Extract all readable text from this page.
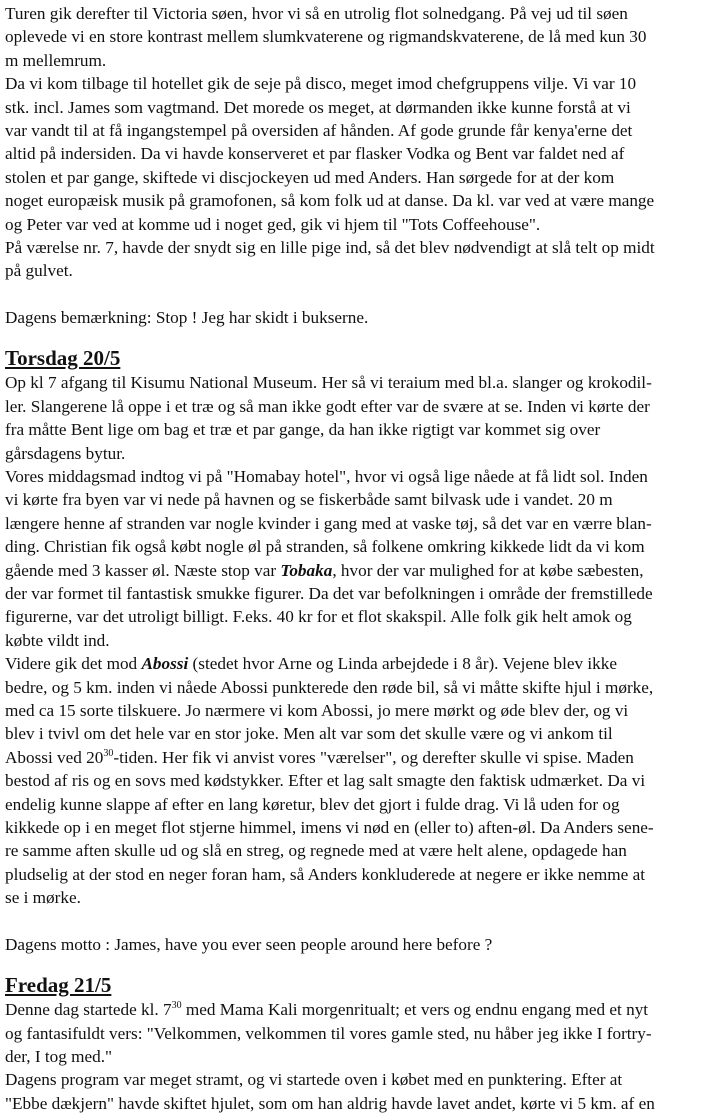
Turen gik derefter til Victoria søen, hvor vi så en utrolig flot solnedgang. På vej ud til søen
oplevede vi en store kontrast mellem slumkvaterene og rigmandskvaterene, de lå med kun 30
m mellemrum.
Da vi kom tilbage til hotellet gik de seje på disco, meget imod chefgruppens vilje. Vi var 10
stk. incl. James som vagtmand. Det morede os meget, at dørmanden ikke kunne forstå at vi
var vandt til at få ingangstempel på oversiden af hånden. Af gode grunde får kenya'erne det
altid på indersiden. Da vi havde konserveret et par flasker Vodka og Bent var faldet ned af
stolen et par gange, skiftede vi discjockeyen ud med Anders. Han sørgede for at der kom
noget europæisk musik på gramofonen, så kom folk ud at danse. Da kl. var ved at være mange
og Peter var ved at komme ud i noget ged, gik vi hjem til "Tots Coffeehouse".
På værelse nr. 7, havde der snydt sig en lille pige ind, så det blev nødvendigt at slå telt op midt
på gulvet.
Dagens bemærkning: Stop ! Jeg har skidt i bukserne.
Torsdag 20/5
Op kl 7 afgang til Kisumu National Museum. Her så vi teraium med bl.a. slanger og krokodil-
ler. Slangerene lå oppe i et træ og så man ikke godt efter var de svære at se. Inden vi kørte der
fra måtte Bent lige om bag et træ et par gange, da han ikke rigtigt var kommet sig over
gårsdagens bytur.
Vores middagsmad indtog vi på "Homabay hotel", hvor vi også lige nåede at få lidt sol. Inden
vi kørte fra byen var vi nede på havnen og se fiskerbåde samt bilvask ude i vandet. 20 m
længere henne af stranden var nogle kvinder i gang med at vaske tøj, så det var en værre blan-
ding. Christian fik også købt nogle øl på stranden, så folkene omkring kikkede lidt da vi kom
gående med 3 kasser øl. Næste stop var Tobaka, hvor der var mulighed for at købe sæbesten,
der var formet til fantastisk smukke figurer. Da det var befolkningen i område der fremstillede
figurerne, var det utroligt billigt. F.eks. 40 kr for et flot skakspil. Alle folk gik helt amok og
købte vildt ind.
Videre gik det mod Abossi (stedet hvor Arne og Linda arbejdede i 8 år). Vejene blev ikke
bedre, og 5 km. inden vi nåede Abossi punkterede den røde bil, så vi måtte skifte hjul i mørke,
med ca 15 sorte tilskuere. Jo nærmere vi kom Abossi, jo mere mørkt og øde blev der, og vi
blev i tvivl om det hele var en stor joke. Men alt var som det skulle være og vi ankom til
Abossi ved $20^{30}$-tiden. Her fik vi anvist vores "værelser", og derefter skulle vi spise. Maden
bestod af ris og en sovs med kødstykker. Efter et lag salt smagte den faktisk udmærket. Da vi
endelig kunne slappe af efter en lang køretur, blev det gjort i fulde drag. Vi lå uden for og
kikkede op i en meget flot stjerne himmel, imens vi nød en (eller to) aften-øl. Da Anders sene-
re samme aften skulle ud og slå en streg, og regnede med at være helt alene, opdagede han
pludselig at der stod en neger foran ham, så Anders konkluderede at negere er ikke nemme at
se i mørke.
Dagens motto : James, have you ever seen people around here before ?
Fredag 21/5
Denne dag startede kl. $7^{30}$ med Mama Kali morgenritualt; et vers og endnu engang med et nyt
og fantasifuldt vers: "Velkommen, velkommen til vores gamle sted, nu håber jeg ikke I fortry-
der, I tog med."
Dagens program var meget stramt, og vi startede oven i købet med en punktering. Efter at
"Ebbe dækjern" havde skiftet hjulet, som om han aldrig havde lavet andet, kørte vi 5 km. af en
